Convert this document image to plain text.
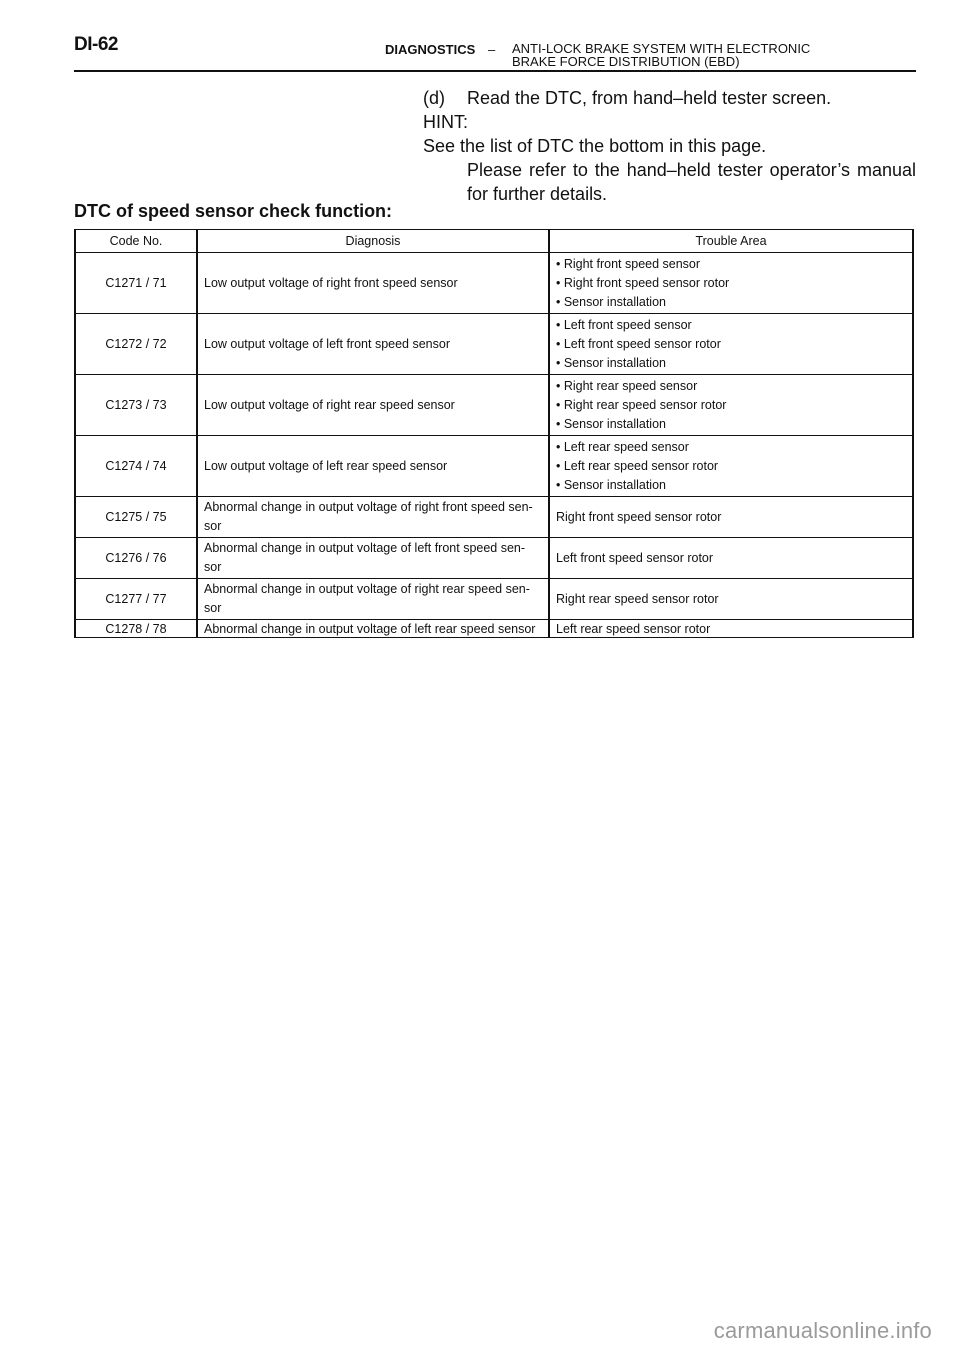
DI-62	DIAGNOSTICS – ANTI-LOCK BRAKE SYSTEM WITH ELECTRONIC
BRAKE FORCE DISTRIBUTION (EBD)
(d) Read the DTC, from hand–held tester screen.
HINT:
See the list of DTC the bottom in this page.
Please refer to the hand–held tester operator’s manual
for further details.
DTC of speed sensor check function:
Code No.	Diagnosis	Trouble Area
C1271 / 71	Low output voltage of right front speed sensor	• Right front speed sensor
• Right front speed sensor rotor
• Sensor installation

C1272 / 72	Low output voltage of left front speed sensor	• Left front speed sensor
• Left front speed sensor rotor
• Sensor installation

C1273 / 73	Low output voltage of right rear speed sensor	• Right rear speed sensor
• Right rear speed sensor rotor
• Sensor installation

C1274 / 74	Low output voltage of left rear speed sensor	• Left rear speed sensor
• Left rear speed sensor rotor
• Sensor installation

C1275 / 75	Abnormal change in output voltage of right front speed sen-
sor	Right front speed sensor rotor
C1276 / 76	Abnormal change in output voltage of left front speed sen-
sor	Left front speed sensor rotor
C1277 / 77	Abnormal change in output voltage of right rear speed sen-
sor	Right rear speed sensor rotor
C1278 / 78	Abnormal change in output voltage of left rear speed sensor	Left rear speed sensor rotor
carmanualsonline.info
